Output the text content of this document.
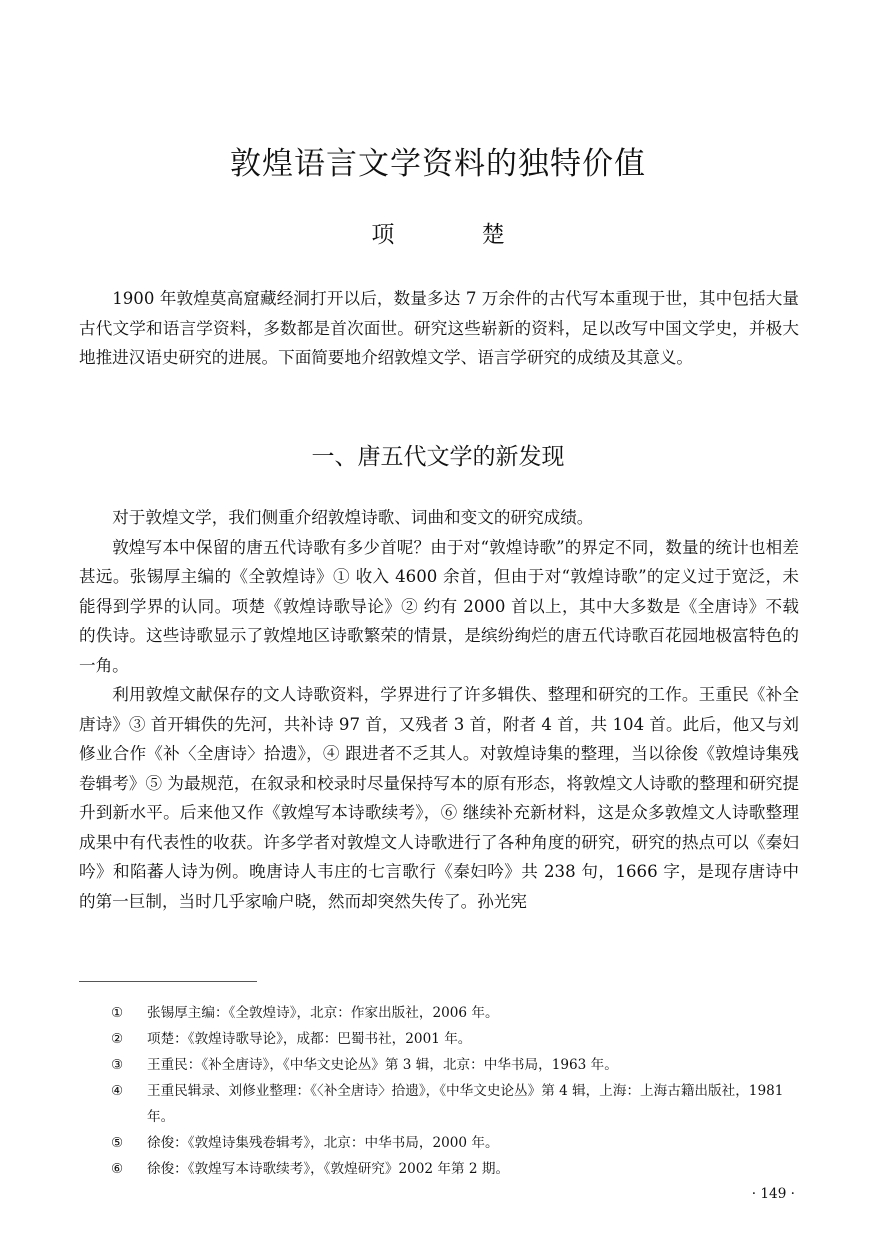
敦煌语言文学资料的独特价值
项 楚

1900 年敦煌莫高窟藏经洞打开以后，数量多达 7 万余件的古代写本重现于世，其中包括大量古代文学和语言学资料，多数都是首次面世。研究这些崭新的资料，足以改写中国文学史，并极大地推进汉语史研究的进展。下面简要地介绍敦煌文学、语言学研究的成绩及其意义。

一、唐五代文学的新发现

对于敦煌文学，我们侧重介绍敦煌诗歌、词曲和变文的研究成绩。

敦煌写本中保留的唐五代诗歌有多少首呢？由于对“敦煌诗歌”的界定不同，数量的统计也相差甚远。张锡厚主编的《全敦煌诗》① 收入 4600 余首，但由于对“敦煌诗歌”的定义过于宽泛，未能得到学界的认同。项楚《敦煌诗歌导论》② 约有 2000 首以上，其中大多数是《全唐诗》不载的佚诗。这些诗歌显示了敦煌地区诗歌繁荣的情景，是缤纷绚烂的唐五代诗歌百花园地极富特色的一角。

利用敦煌文献保存的文人诗歌资料，学界进行了许多辑佚、整理和研究的工作。王重民《补全唐诗》③ 首开辑佚的先河，共补诗 97 首，又残者 3 首，附者 4 首，共 104 首。此后，他又与刘修业合作《补〈全唐诗〉拾遗》，④ 跟进者不乏其人。对敦煌诗集的整理，当以徐俊《敦煌诗集残卷辑考》⑤ 为最规范，在叙录和校录时尽量保持写本的原有形态，将敦煌文人诗歌的整理和研究提升到新水平。后来他又作《敦煌写本诗歌续考》，⑥ 继续补充新材料，这是众多敦煌文人诗歌整理成果中有代表性的收获。许多学者对敦煌文人诗歌进行了各种角度的研究，研究的热点可以《秦妇吟》和陷蕃人诗为例。晚唐诗人韦庄的七言歌行《秦妇吟》共 238 句，1666 字，是现存唐诗中的第一巨制，当时几乎家喻户晓，然而却突然失传了。孙光宪

①	张锡厚主编：《全敦煌诗》，北京：作家出版社，2006 年。
②	项楚：《敦煌诗歌导论》，成都：巴蜀书社，2001 年。
③	王重民：《补全唐诗》，《中华文史论丛》第 3 辑，北京：中华书局，1963 年。
④	王重民辑录、刘修业整理：《〈补全唐诗〉拾遗》，《中华文史论丛》第 4 辑，上海：上海古籍出版社，1981 年。
⑤	徐俊：《敦煌诗集残卷辑考》，北京：中华书局，2000 年。
⑥	徐俊：《敦煌写本诗歌续考》，《敦煌研究》2002 年第 2 期。
· 149 ·
